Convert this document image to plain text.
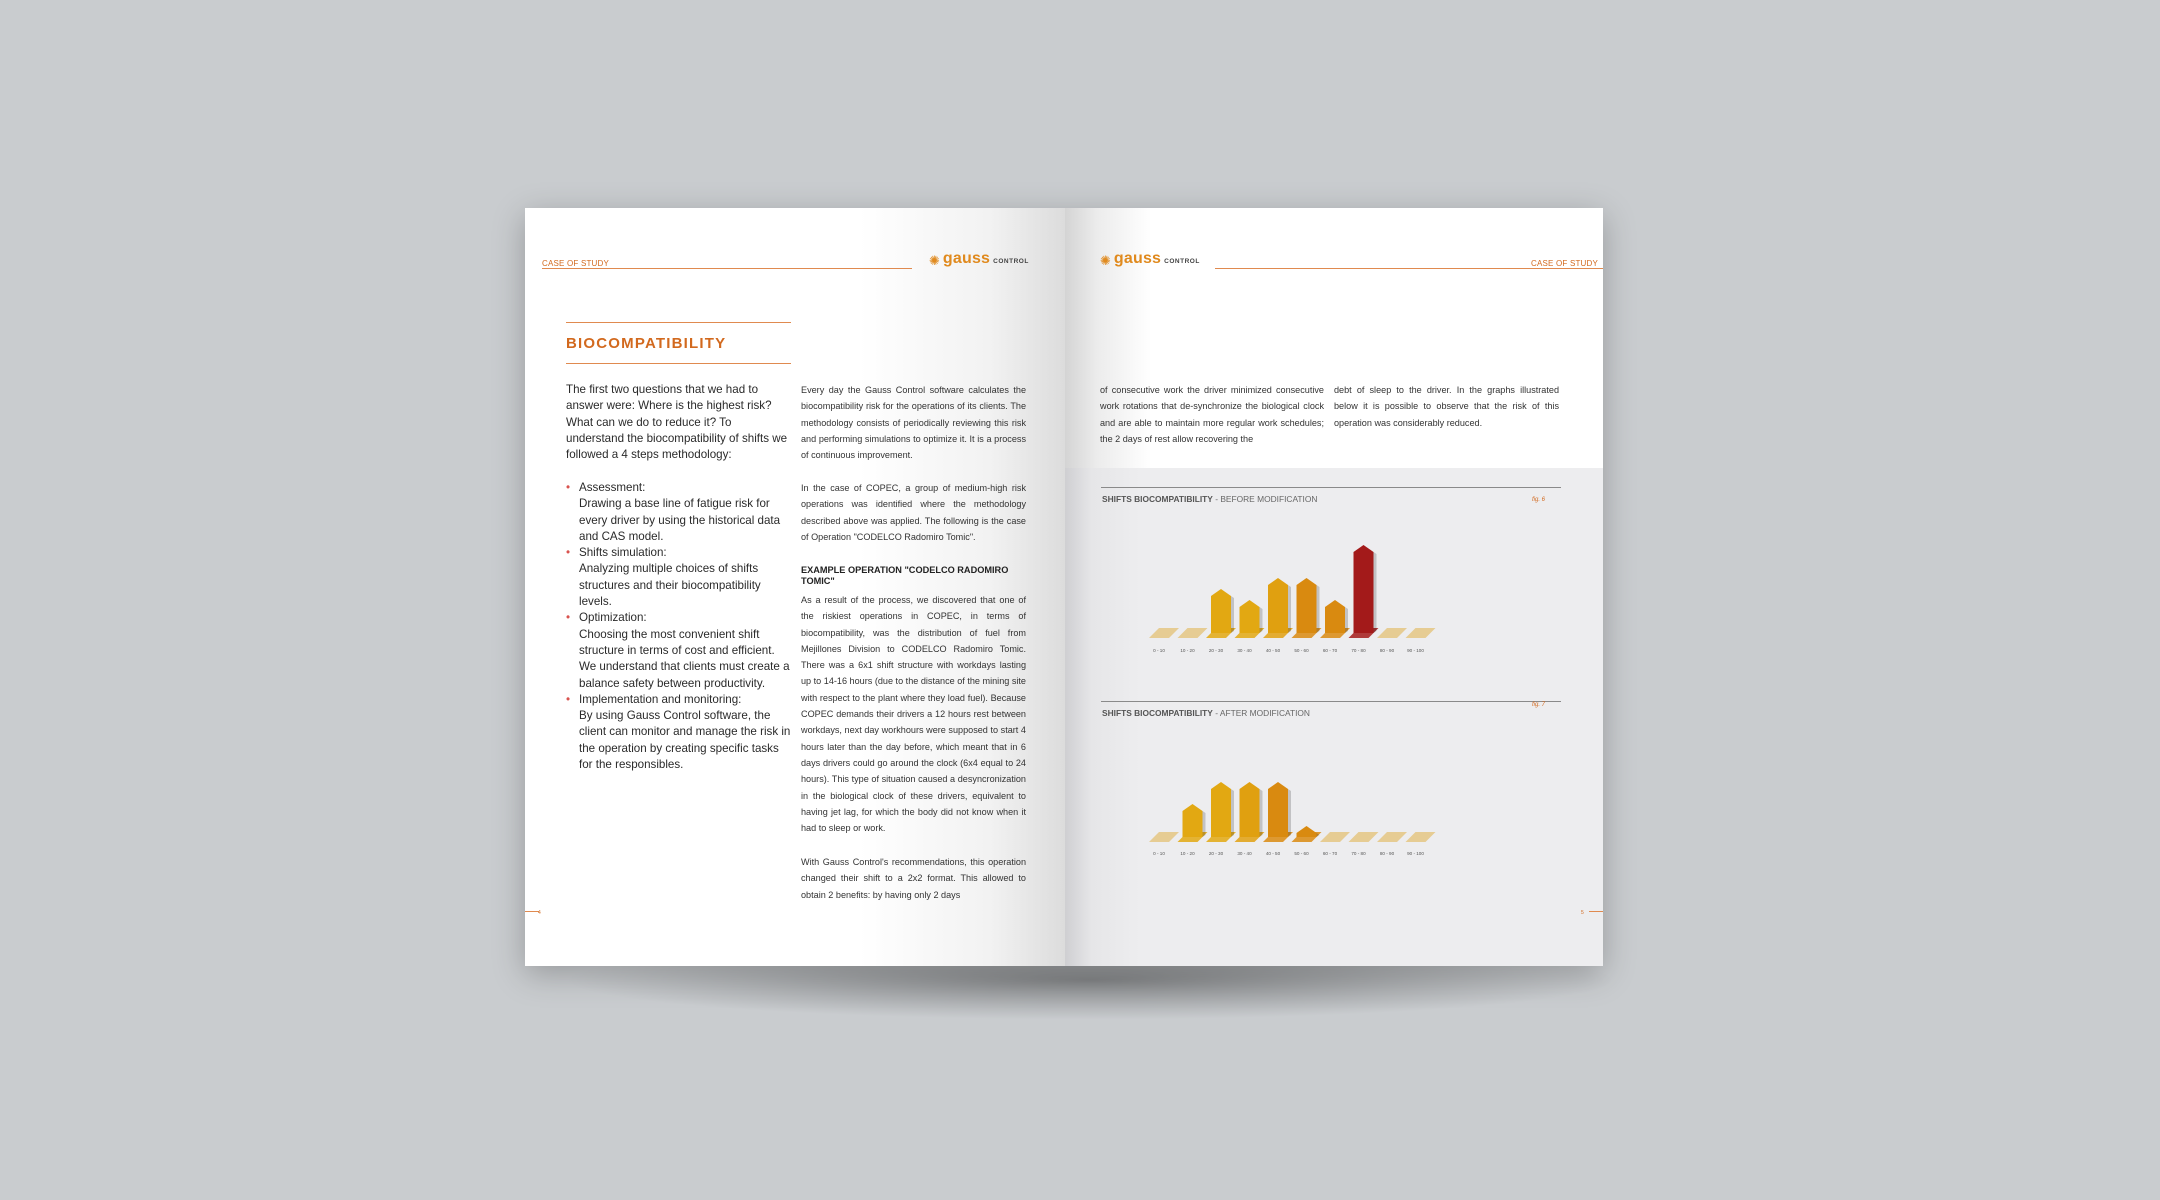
CASE OF STUDY	✺ gauss CONTROL
BIOCOMPATIBILITY

The first two questions that we had to answer were: Where is the highest risk? What can we do to reduce it? To understand the biocompatibility of shifts we followed a 4 steps methodology:

• Assessment:
Drawing a base line of fatigue risk for every driver by using the historical data and CAS model.
• Shifts simulation:
Analyzing multiple choices of shifts structures and their biocompatibility levels.
• Optimization:
Choosing the most convenient shift structure in terms of cost and efficient. We understand that clients must create a balance safety between productivity.
• Implementation and monitoring:
By using Gauss Control software, the client can monitor and manage the risk in the operation by creating specific tasks for the responsibles.

Every day the Gauss Control software calculates the biocompatibility risk for the operations of its clients. The methodology consists of periodically reviewing this risk and performing simulations to optimize it. It is a process of continuous improvement.

In the case of COPEC, a group of medium-high risk operations was identified where the methodology described above was applied. The following is the case of Operation "CODELCO Radomiro Tomic".

EXAMPLE OPERATION "CODELCO RADOMIRO TOMIC"

As a result of the process, we discovered that one of the riskiest operations in COPEC, in terms of biocompatibility, was the distribution of fuel from Mejillones Division to CODELCO Radomiro Tomic. There was a 6x1 shift structure with workdays lasting up to 14-16 hours (due to the distance of the mining site with respect to the plant where they load fuel). Because COPEC demands their drivers a 12 hours rest between workdays, next day workhours were supposed to start 4 hours later than the day before, which meant that in 6 days drivers could go around the clock (6x4 equal to 24 hours). This type of situation caused a desyncronization in the biological clock of these drivers, equivalent to having jet lag, for which the body did not know when it had to sleep or work.

With Gauss Control's recommendations, this operation changed their shift to a 2x2 format. This allowed to obtain 2 benefits: by having only 2 days

4
✺ gauss CONTROL	CASE OF STUDY

of consecutive work the driver minimized consecutive work rotations that de-synchronize the biological clock and are able to maintain more regular work schedules; the 2 days of rest allow recovering the

debt of sleep to the driver. In the graphs illustrated below it is possible to observe that the risk of this operation was considerably reduced.

SHIFTS BIOCOMPATIBILITY - BEFORE MODIFICATION	fig. 6
0 - 10	10 - 20	20 - 30	30 - 40	40 - 50	50 - 60	60 - 70	70 - 80	80 - 90	90 - 100
SHIFTS BIOCOMPATIBILITY - AFTER MODIFICATION
fig. 7
0 - 10	10 - 20	20 - 30	30 - 40	40 - 50	50 - 60	60 - 70	70 - 80	80 - 90	90 - 100
5
